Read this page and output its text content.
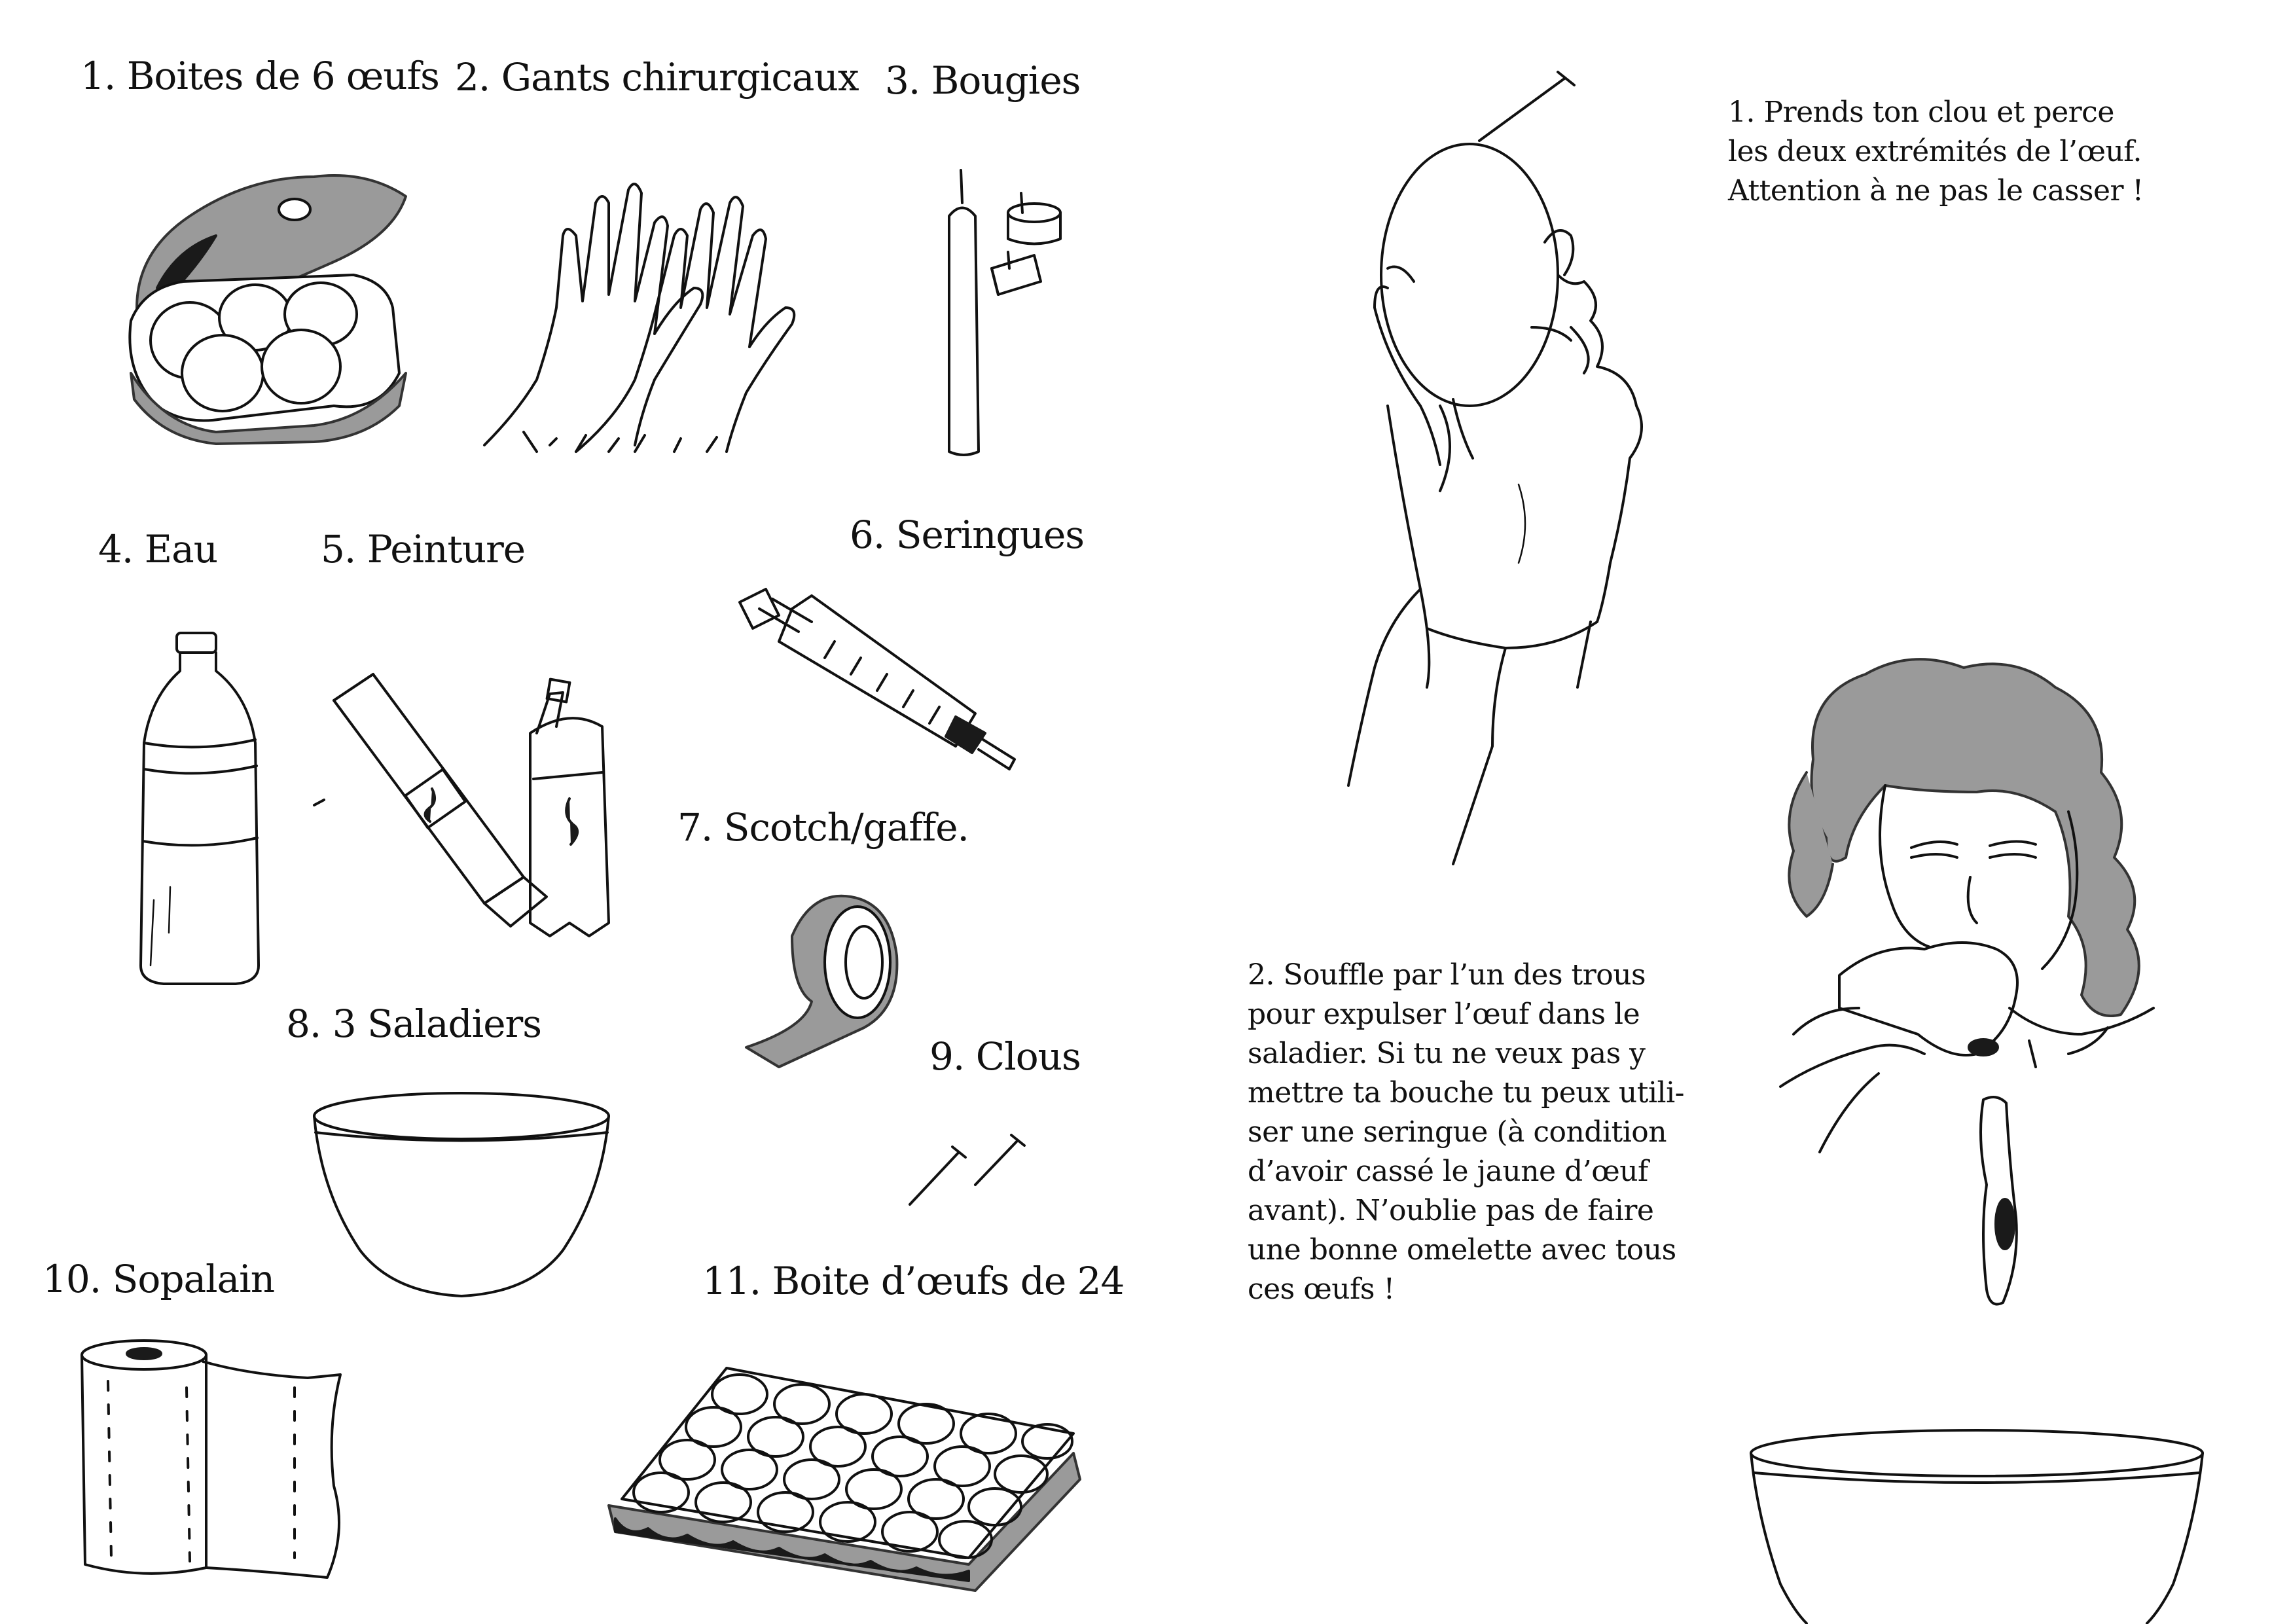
1. Boites de 6 œufs 2. Gants chirurgicaux 3. Bougies
4. Eau	5. Peinture	6. Seringues
7. Scotch/gaffe.
8. 3 Saladiers
9. Clous
10. Sopalain	11. Boite d’œufs de 24

1. Prends ton clou et perce

les deux extrémités de l’œuf.

Attention à ne pas le casser !

2. Souffle par l’un des trous

pour expulser l’œuf dans le

saladier. Si tu ne veux pas y

mettre ta bouche tu peux utili-

ser une seringue (à condition

d’avoir cassé le jaune d’œuf

avant). N’oublie pas de faire

une bonne omelette avec tous

ces œufs !
